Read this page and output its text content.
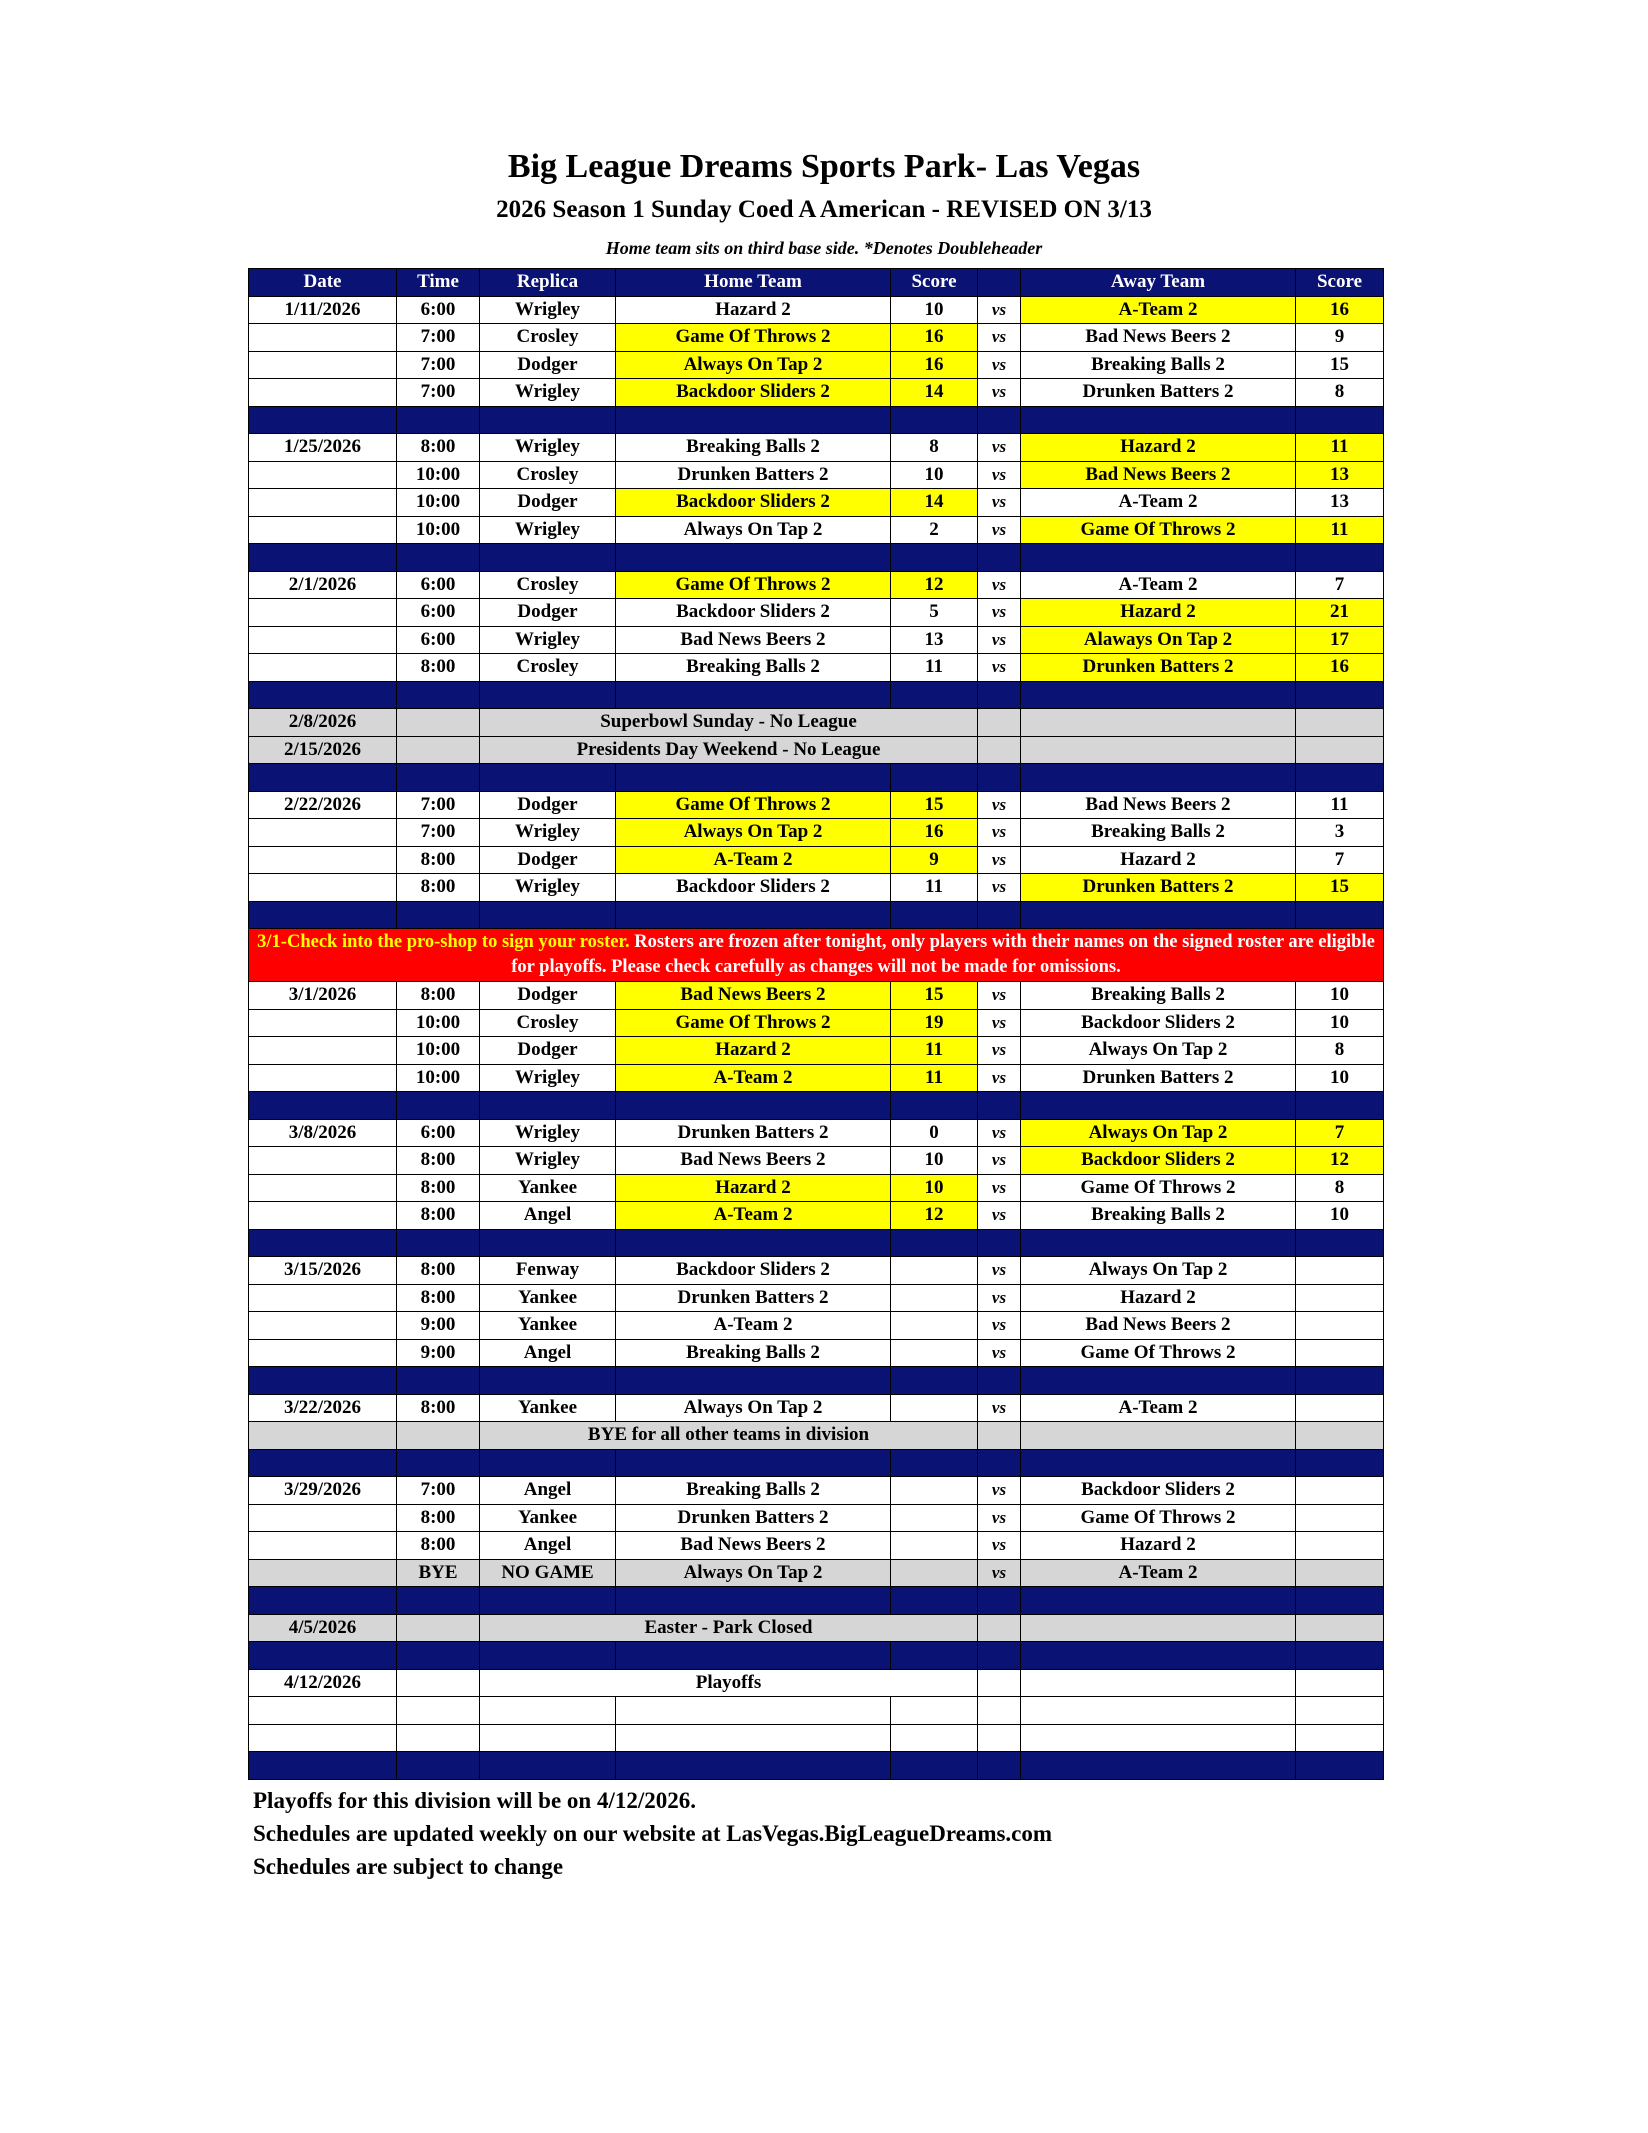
Big League Dreams Sports Park- Las Vegas
2026 Season 1 Sunday Coed A American - REVISED ON 3/13
Home team sits on third base side. *Denotes Doubleheader
Date	Time	Replica	Home Team	Score		Away Team	Score
1/11/2026	6:00	Wrigley	Hazard 2	10	vs	A-Team 2	16
	7:00	Crosley	Game Of Throws 2	16	vs	Bad News Beers 2	9
	7:00	Dodger	Always On Tap 2	16	vs	Breaking Balls 2	15
	7:00	Wrigley	Backdoor Sliders 2	14	vs	Drunken Batters 2	8

1/25/2026	8:00	Wrigley	Breaking Balls 2	8	vs	Hazard 2	11
	10:00	Crosley	Drunken Batters 2	10	vs	Bad News Beers 2	13
	10:00	Dodger	Backdoor Sliders 2	14	vs	A-Team 2	13
	10:00	Wrigley	Always On Tap 2	2	vs	Game Of Throws 2	11

2/1/2026	6:00	Crosley	Game Of Throws 2	12	vs	A-Team 2	7
	6:00	Dodger	Backdoor Sliders 2	5	vs	Hazard 2	21
	6:00	Wrigley	Bad News Beers 2	13	vs	Alaways On Tap 2	17
	8:00	Crosley	Breaking Balls 2	11	vs	Drunken Batters 2	16

2/8/2026		Superbowl Sunday - No League					
2/15/2026		Presidents Day Weekend - No League					

2/22/2026	7:00	Dodger	Game Of Throws 2	15	vs	Bad News Beers 2	11
	7:00	Wrigley	Always On Tap 2	16	vs	Breaking Balls 2	3
	8:00	Dodger	A-Team 2	9	vs	Hazard 2	7
	8:00	Wrigley	Backdoor Sliders 2	11	vs	Drunken Batters 2	15

3/1-Check into the pro-shop to sign your roster. Rosters are frozen after tonight, only players with their names on the signed roster are eligible for playoffs. Please check carefully as changes will not be made for omissions.							
3/1/2026	8:00	Dodger	Bad News Beers 2	15	vs	Breaking Balls 2	10
	10:00	Crosley	Game Of Throws 2	19	vs	Backdoor Sliders 2	10
	10:00	Dodger	Hazard 2	11	vs	Always On Tap 2	8
	10:00	Wrigley	A-Team 2	11	vs	Drunken Batters 2	10

3/8/2026	6:00	Wrigley	Drunken Batters 2	0	vs	Always On Tap 2	7
	8:00	Wrigley	Bad News Beers 2	10	vs	Backdoor Sliders 2	12
	8:00	Yankee	Hazard 2	10	vs	Game Of Throws 2	8
	8:00	Angel	A-Team 2	12	vs	Breaking Balls 2	10

3/15/2026	8:00	Fenway	Backdoor Sliders 2		vs	Always On Tap 2	
	8:00	Yankee	Drunken Batters 2		vs	Hazard 2	
	9:00	Yankee	A-Team 2		vs	Bad News Beers 2	
	9:00	Angel	Breaking Balls 2		vs	Game Of Throws 2	

3/22/2026	8:00	Yankee	Always On Tap 2		vs	A-Team 2	
		BYE for all other teams in division					

3/29/2026	7:00	Angel	Breaking Balls 2		vs	Backdoor Sliders 2	
	8:00	Yankee	Drunken Batters 2		vs	Game Of Throws 2	
	8:00	Angel	Bad News Beers 2		vs	Hazard 2	
	BYE	NO GAME	Always On Tap 2		vs	A-Team 2	

4/5/2026		Easter - Park Closed					

4/12/2026		Playoffs					

Playoffs for this division will be on 4/12/2026.
Schedules are updated weekly on our website at LasVegas.BigLeagueDreams.com
Schedules are subject to change
